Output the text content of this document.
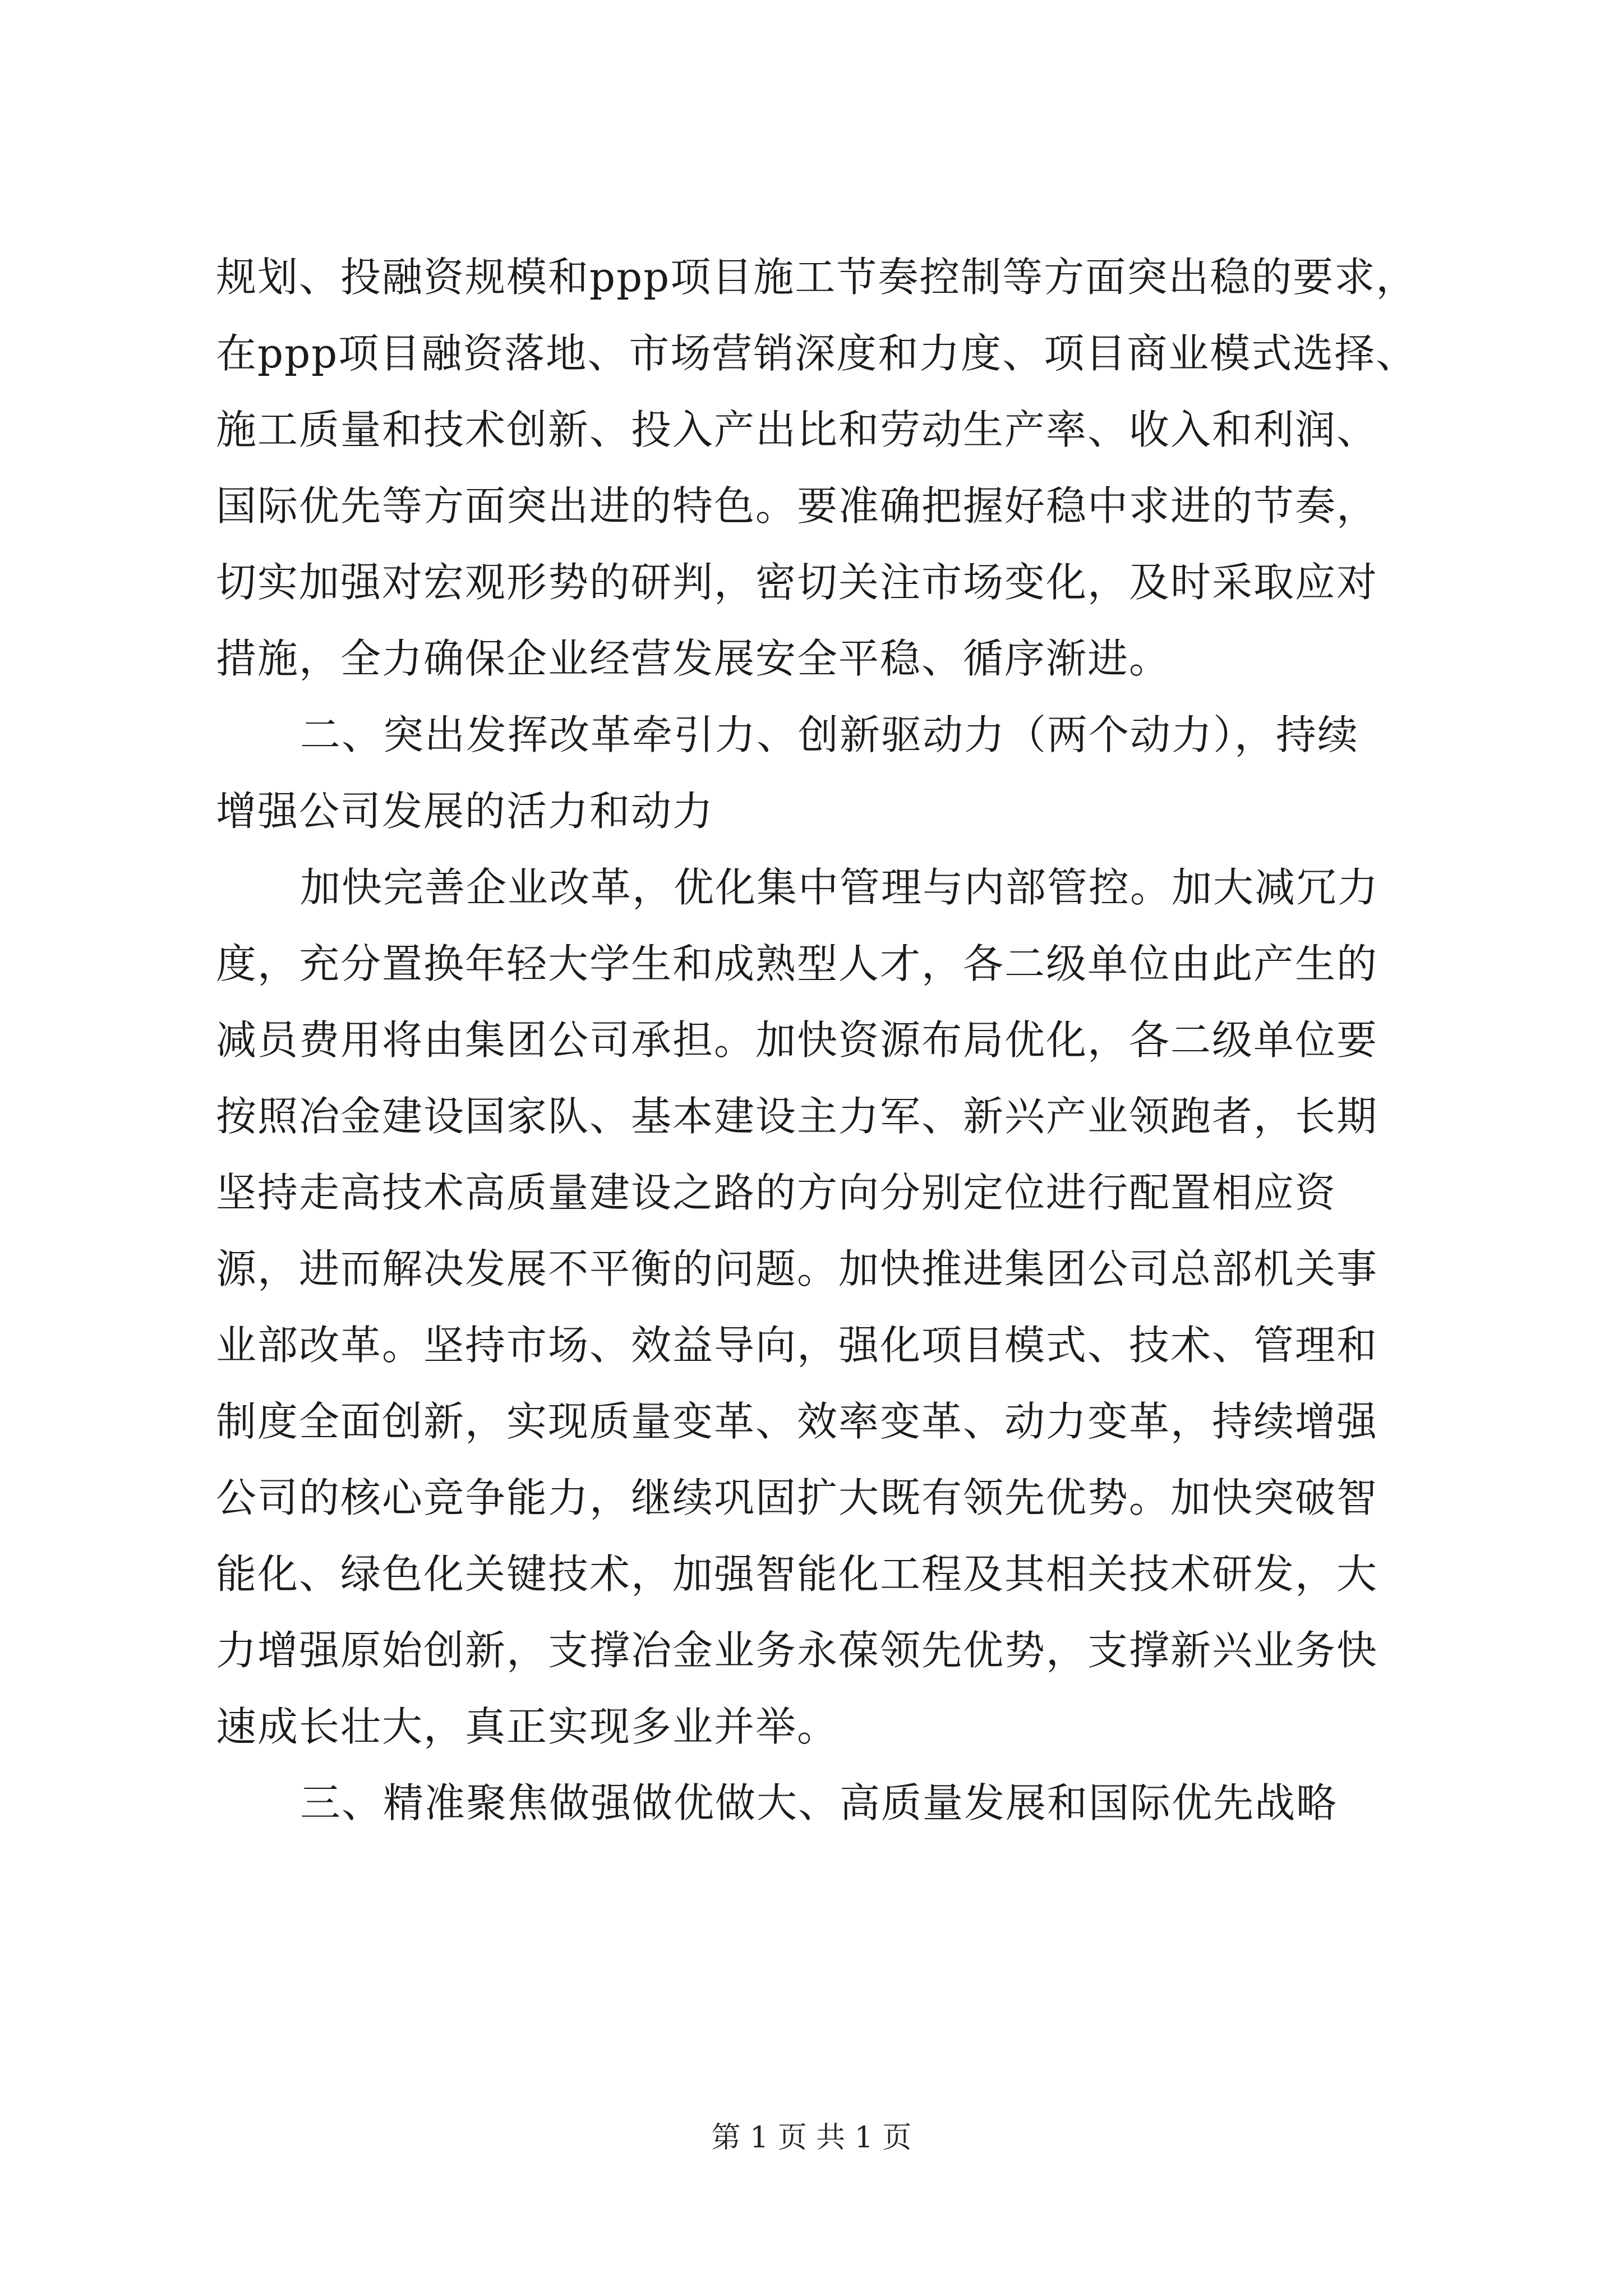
规划、投融资规模和ppp项目施工节奏控制等方面突出稳的要求，
在ppp项目融资落地、市场营销深度和力度、项目商业模式选择、
施工质量和技术创新、投入产出比和劳动生产率、收入和利润、
国际优先等方面突出进的特色。要准确把握好稳中求进的节奏，
切实加强对宏观形势的研判，密切关注市场变化，及时采取应对
措施，全力确保企业经营发展安全平稳、循序渐进。
二、突出发挥改革牵引力、创新驱动力（两个动力），持续
增强公司发展的活力和动力
加快完善企业改革，优化集中管理与内部管控。加大减冗力
度，充分置换年轻大学生和成熟型人才，各二级单位由此产生的
减员费用将由集团公司承担。加快资源布局优化，各二级单位要
按照冶金建设国家队、基本建设主力军、新兴产业领跑者，长期
坚持走高技术高质量建设之路的方向分别定位进行配置相应资
源，进而解决发展不平衡的问题。加快推进集团公司总部机关事
业部改革。坚持市场、效益导向，强化项目模式、技术、管理和
制度全面创新，实现质量变革、效率变革、动力变革，持续增强
公司的核心竞争能力，继续巩固扩大既有领先优势。加快突破智
能化、绿色化关键技术，加强智能化工程及其相关技术研发，大
力增强原始创新，支撑冶金业务永葆领先优势，支撑新兴业务快
速成长壮大，真正实现多业并举。
三、精准聚焦做强做优做大、高质量发展和国际优先战略
第 1 页 共 1 页
